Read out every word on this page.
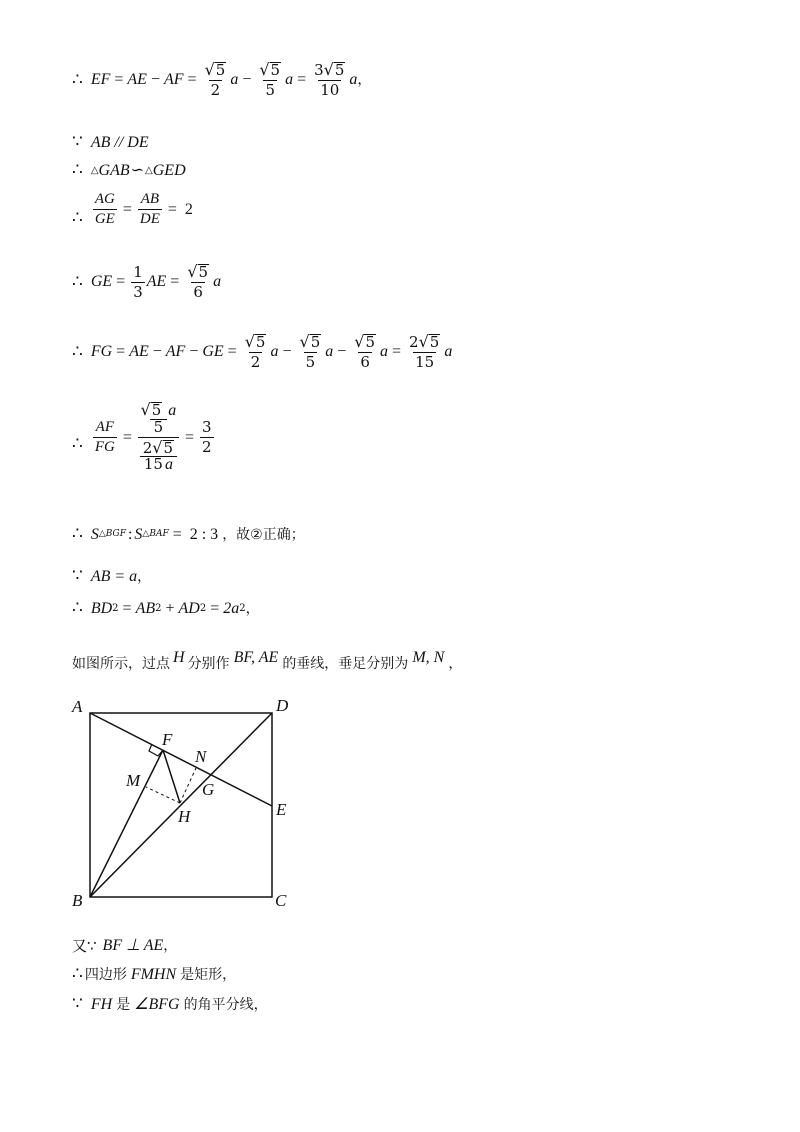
∴ EF = AE − AF = $\frac{√ 5}{2}$ $a - \frac{√ 5}{5}$ $a = \frac{3 √ 5}{10}$ a ，
∵ AB // DE
∴ △ GAB ∽ △ GED
∴ $\frac{AG}{GE} = \frac{AB}{DE} = 2$
∴ GE = $\frac{1}{3}$ AE = $\frac{√ 5}{6}$ a
∴ FG = AE − AF − GE = $\frac{√ 5}{2}$ $a - \frac{√ 5}{5}$ $a - \frac{√ 5}{6}$ $a = \frac{2 √ 5}{15}$ a
∴ $\frac{AF}{FG}$ = √ 5 a
5
2 √ 5
15 $a = \frac{3}{2}$
∴ S △BGF : S △BAF = 2 : 3 ，故②正确；
∵ AB = a ，
∴ BD 2 = AB 2 + AD 2 = 2a 2 ，
如图所示，过点 H 分别作 BF, AE 的垂线，垂足分别为 M, N ，
A	D
B	C
E
F
N
M	G
H
又∵ BF ⊥ AE ，
∴ 四边形 FMHN 是矩形，
∵ FH 是 ∠BFG 的角平分线，
